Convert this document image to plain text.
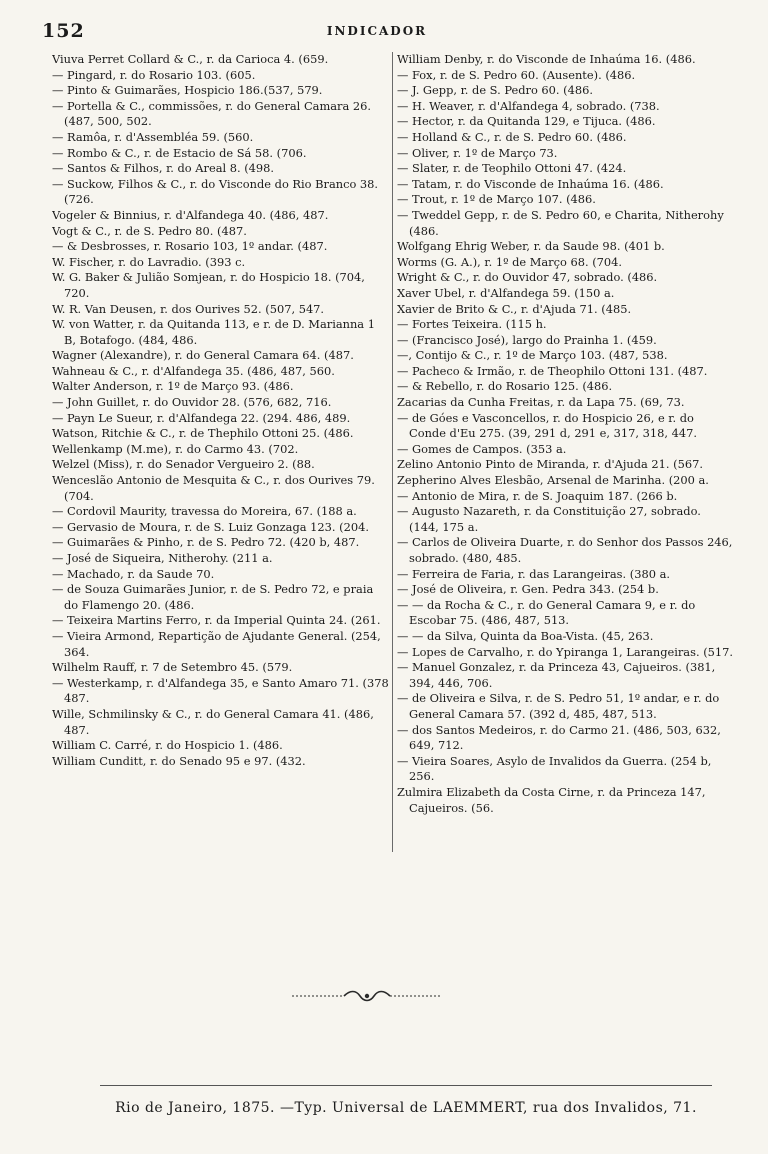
152	INDICADOR

Viuva Perret Collard & C., r. da Carioca 4. (659.

— Pingard, r. do Rosario 103. (605.

— Pinto & Guimarães, Hospicio 186.(537, 579.

— Portella & C., commissões, r. do General Camara 26. (487, 500, 502.

— Ramôa, r. d'Assembléa 59. (560.

— Rombo & C., r. de Estacio de Sá 58. (706.

— Santos & Filhos, r. do Areal 8. (498.

— Suckow, Filhos & C., r. do Visconde do Rio Branco 38. (726.

Vogeler & Binnius, r. d'Alfandega 40. (486, 487.

Vogt & C., r. de S. Pedro 80. (487.

— & Desbrosses, r. Rosario 103, 1º andar. (487.

W. Fischer, r. do Lavradio. (393 c.

W. G. Baker & Julião Somjean, r. do Hospicio 18. (704, 720.

W. R. Van Deusen, r. dos Ourives 52. (507, 547.

W. von Watter, r. da Quitanda 113, e r. de D. Marianna 1 B, Botafogo. (484, 486.

Wagner (Alexandre), r. do General Camara 64. (487.

Wahneau & C., r. d'Alfandega 35. (486, 487, 560.

Walter Anderson, r. 1º de Março 93. (486.

— John Guillet, r. do Ouvidor 28. (576, 682, 716.

— Payn Le Sueur, r. d'Alfandega 22. (294. 486, 489.

Watson, Ritchie & C., r. de Thephilo Ottoni 25. (486.

Wellenkamp (M.me), r. do Carmo 43. (702.

Welzel (Miss), r. do Senador Vergueiro 2. (88.

Wenceslão Antonio de Mesquita & C., r. dos Ourives 79. (704.

— Cordovil Maurity, travessa do Moreira, 67. (188 a.

— Gervasio de Moura, r. de S. Luiz Gonzaga 123. (204.

— Guimarães & Pinho, r. de S. Pedro 72. (420 b, 487.

— José de Siqueira, Nitherohy. (211 a.

— Machado, r. da Saude 70.

— de Souza Guimarães Junior, r. de S. Pedro 72, e praia do Flamengo 20. (486.

— Teixeira Martins Ferro, r. da Imperial Quinta 24. (261.

— Vieira Armond, Repartição de Ajudante General. (254, 364.

Wilhelm Rauff, r. 7 de Setembro 45. (579.

— Westerkamp, r. d'Alfandega 35, e Santo Amaro 71. (378 487.

Wille, Schmilinsky & C., r. do General Camara 41. (486, 487.

William C. Carré, r. do Hospicio 1. (486.

William Cunditt, r. do Senado 95 e 97. (432.

William Denby, r. do Visconde de Inhaúma 16. (486.

— Fox, r. de S. Pedro 60. (Ausente). (486.

— J. Gepp, r. de S. Pedro 60. (486.

— H. Weaver, r. d'Alfandega 4, sobrado. (738.

— Hector, r. da Quitanda 129, e Tijuca. (486.

— Holland & C., r. de S. Pedro 60. (486.

— Oliver, r. 1º de Março 73.

— Slater, r. de Teophilo Ottoni 47. (424.

— Tatam, r. do Visconde de Inhaúma 16. (486.

— Trout, r. 1º de Março 107. (486.

— Tweddel Gepp, r. de S. Pedro 60, e Charita, Nitherohy (486.

Wolfgang Ehrig Weber, r. da Saude 98. (401 b.

Worms (G. A.), r. 1º de Março 68. (704.

Wright & C., r. do Ouvidor 47, sobrado. (486.

Xaver Ubel, r. d'Alfandega 59. (150 a.

Xavier de Brito & C., r. d'Ajuda 71. (485.

— Fortes Teixeira. (115 h.

— (Francisco José), largo do Prainha 1. (459.

—, Contijo & C., r. 1º de Março 103. (487, 538.

— Pacheco & Irmão, r. de Theophilo Ottoni 131. (487.

— & Rebello, r. do Rosario 125. (486.

Zacarias da Cunha Freitas, r. da Lapa 75. (69, 73.

— de Góes e Vasconcellos, r. do Hospicio 26, e r. do Conde d'Eu 275. (39, 291 d, 291 e, 317, 318, 447.

— Gomes de Campos. (353 a.

Zelino Antonio Pinto de Miranda, r. d'Ajuda 21. (567.

Zepherino Alves Elesbão, Arsenal de Marinha. (200 a.

— Antonio de Mira, r. de S. Joaquim 187. (266 b.

— Augusto Nazareth, r. da Constituição 27, sobrado. (144, 175 a.

— Carlos de Oliveira Duarte, r. do Senhor dos Passos 246, sobrado. (480, 485.

— Ferreira de Faria, r. das Larangeiras. (380 a.

— José de Oliveira, r. Gen. Pedra 343. (254 b.

— — da Rocha & C., r. do General Camara 9, e r. do Escobar 75. (486, 487, 513.

— — da Silva, Quinta da Boa-Vista. (45, 263.

— Lopes de Carvalho, r. do Ypiranga 1, Larangeiras. (517.

— Manuel Gonzalez, r. da Princeza 43, Cajueiros. (381, 394, 446, 706.

— de Oliveira e Silva, r. de S. Pedro 51, 1º andar, e r. do General Camara 57. (392 d, 485, 487, 513.

— dos Santos Medeiros, r. do Carmo 21. (486, 503, 632, 649, 712.

— Vieira Soares, Asylo de Invalidos da Guerra. (254 b, 256.

Zulmira Elizabeth da Costa Cirne, r. da Princeza 147, Cajueiros. (56.

Rio de Janeiro, 1875. —Typ. Universal de LAEMMERT, rua dos Invalidos, 71.
